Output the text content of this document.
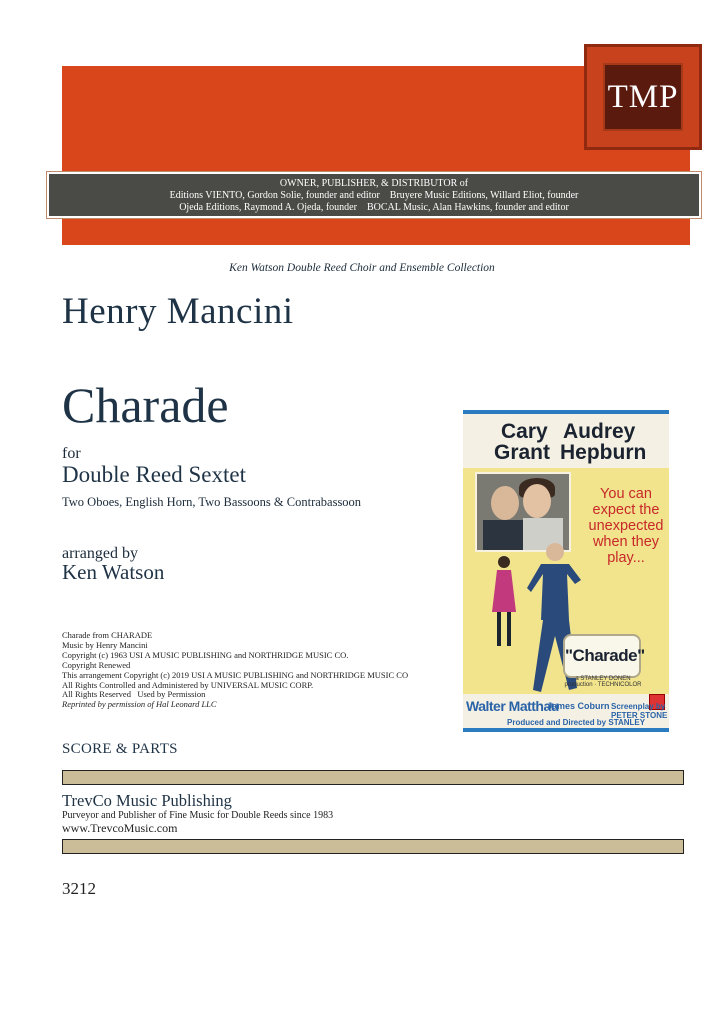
TMP
OWNER, PUBLISHER, & DISTRIBUTOR of
Editions VIENTO, Gordon Solie, founder and editor    Bruyere Music Editions, Willard Eliot, founder
Ojeda Editions, Raymond A. Ojeda, founder    BOCAL Music, Alan Hawkins, founder and editor
Ken Watson Double Reed Choir and Ensemble Collection
Henry Mancini
Charade
for
Double Reed Sextet
Two Oboes, English Horn, Two Bassoons & Contrabassoon
arranged by
Ken Watson
Charade from CHARADE
Music by Henry Mancini
Copyright (c) 1963 USI A MUSIC PUBLISHING and NORTHRIDGE MUSIC CO.
Copyright Renewed
This arrangement Copyright (c) 2019 USI A MUSIC PUBLISHING and NORTHRIDGE MUSIC CO
All Rights Controlled and Administered by UNIVERSAL MUSIC CORP.
All Rights Reserved   Used by Permission
Reprinted by permission of Hal Leonard LLC
SCORE & PARTS
TrevCo Music Publishing
Purveyor and Publisher of Fine Music for Double Reeds since 1983
www.TrevcoMusic.com
3212
Cary
Grant
Audrey
Hepburn
You can expect the unexpected when they play...
"Charade"
a STANLEY DONEN production · TECHNICOLOR
Walter Matthau
James Coburn Screenplay by PETER STONE
Produced and Directed by STANLEY DONEN Music HENRY MANCINI
